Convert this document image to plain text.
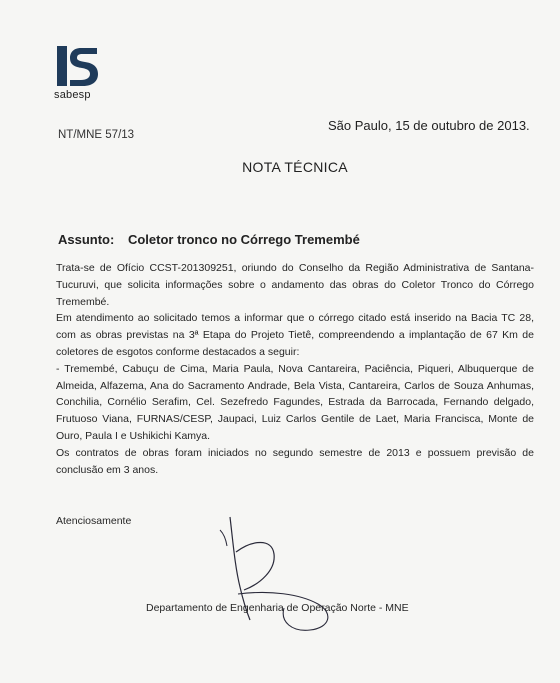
sabesp
São Paulo, 15 de outubro de 2013.
NT/MNE 57/13
NOTA TÉCNICA
Assunto: Coletor tronco no Córrego Tremembé

Trata-se de Ofício CCST-201309251, oriundo do Conselho da Região Administrativa de Santana-Tucuruvi, que solicita informações sobre o andamento das obras do Coletor Tronco do Córrego Tremembé.

Em atendimento ao solicitado temos a informar que o córrego citado está inserido na Bacia TC 28, com as obras previstas na 3ª Etapa do Projeto Tietê, compreendendo a implantação de 67 Km de coletores de esgotos conforme destacados a seguir:

- Tremembé, Cabuçu de Cima, Maria Paula, Nova Cantareira, Paciência, Piqueri, Albuquerque de Almeida, Alfazema, Ana do Sacramento Andrade, Bela Vista, Cantareira, Carlos de Souza Anhumas, Conchilia, Cornélio Serafim, Cel. Sezefredo Fagundes, Estrada da Barrocada, Fernando delgado, Frutuoso Viana, FURNAS/CESP, Jaupaci, Luiz Carlos Gentile de Laet, Maria Francisca, Monte de Ouro, Paula I e Ushikichi Kamya.

Os contratos de obras foram iniciados no segundo semestre de 2013 e possuem previsão de conclusão em 3 anos.

Atenciosamente
Departamento de Engenharia de Operação Norte - MNE
